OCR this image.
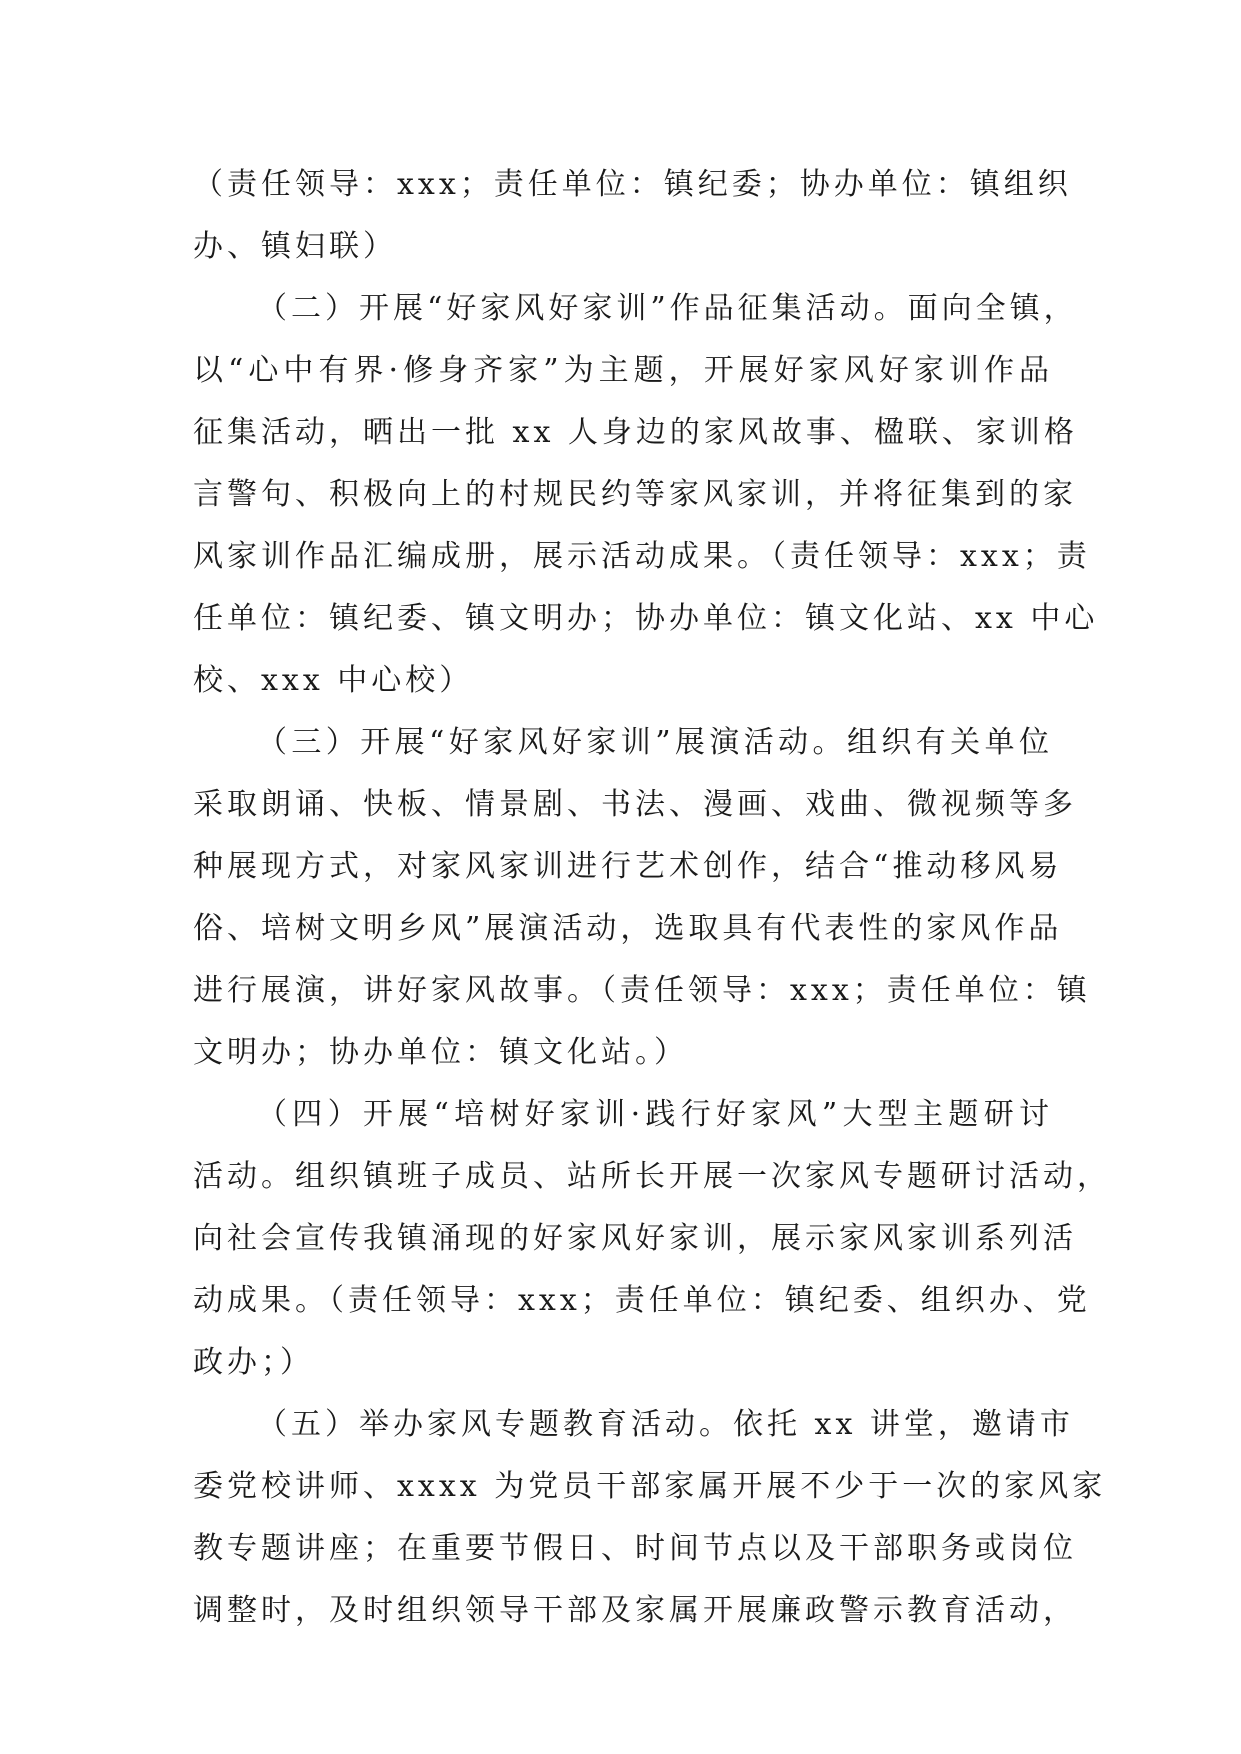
（责任领导：xxx；责任单位：镇纪委；协办单位：镇组织
办、镇妇联）
（二）开展“好家风好家训”作品征集活动。面向全镇，
以“心中有界·修身齐家”为主题，开展好家风好家训作品
征集活动，晒出一批 xx 人身边的家风故事、楹联、家训格
言警句、积极向上的村规民约等家风家训，并将征集到的家
风家训作品汇编成册，展示活动成果。（责任领导：xxx；责
任单位：镇纪委、镇文明办；协办单位：镇文化站、xx 中心
校、xxx 中心校）
（三）开展“好家风好家训”展演活动。组织有关单位
采取朗诵、快板、情景剧、书法、漫画、戏曲、微视频等多
种展现方式，对家风家训进行艺术创作，结合“推动移风易
俗、培树文明乡风”展演活动，选取具有代表性的家风作品
进行展演，讲好家风故事。（责任领导：xxx；责任单位：镇
文明办；协办单位：镇文化站。）
（四）开展“培树好家训·践行好家风”大型主题研讨
活动。组织镇班子成员、站所长开展一次家风专题研讨活动，
向社会宣传我镇涌现的好家风好家训，展示家风家训系列活
动成果。（责任领导：xxx；责任单位：镇纪委、组织办、党
政办；）
（五）举办家风专题教育活动。依托 xx 讲堂，邀请市
委党校讲师、xxxx 为党员干部家属开展不少于一次的家风家
教专题讲座；在重要节假日、时间节点以及干部职务或岗位
调整时，及时组织领导干部及家属开展廉政警示教育活动，
